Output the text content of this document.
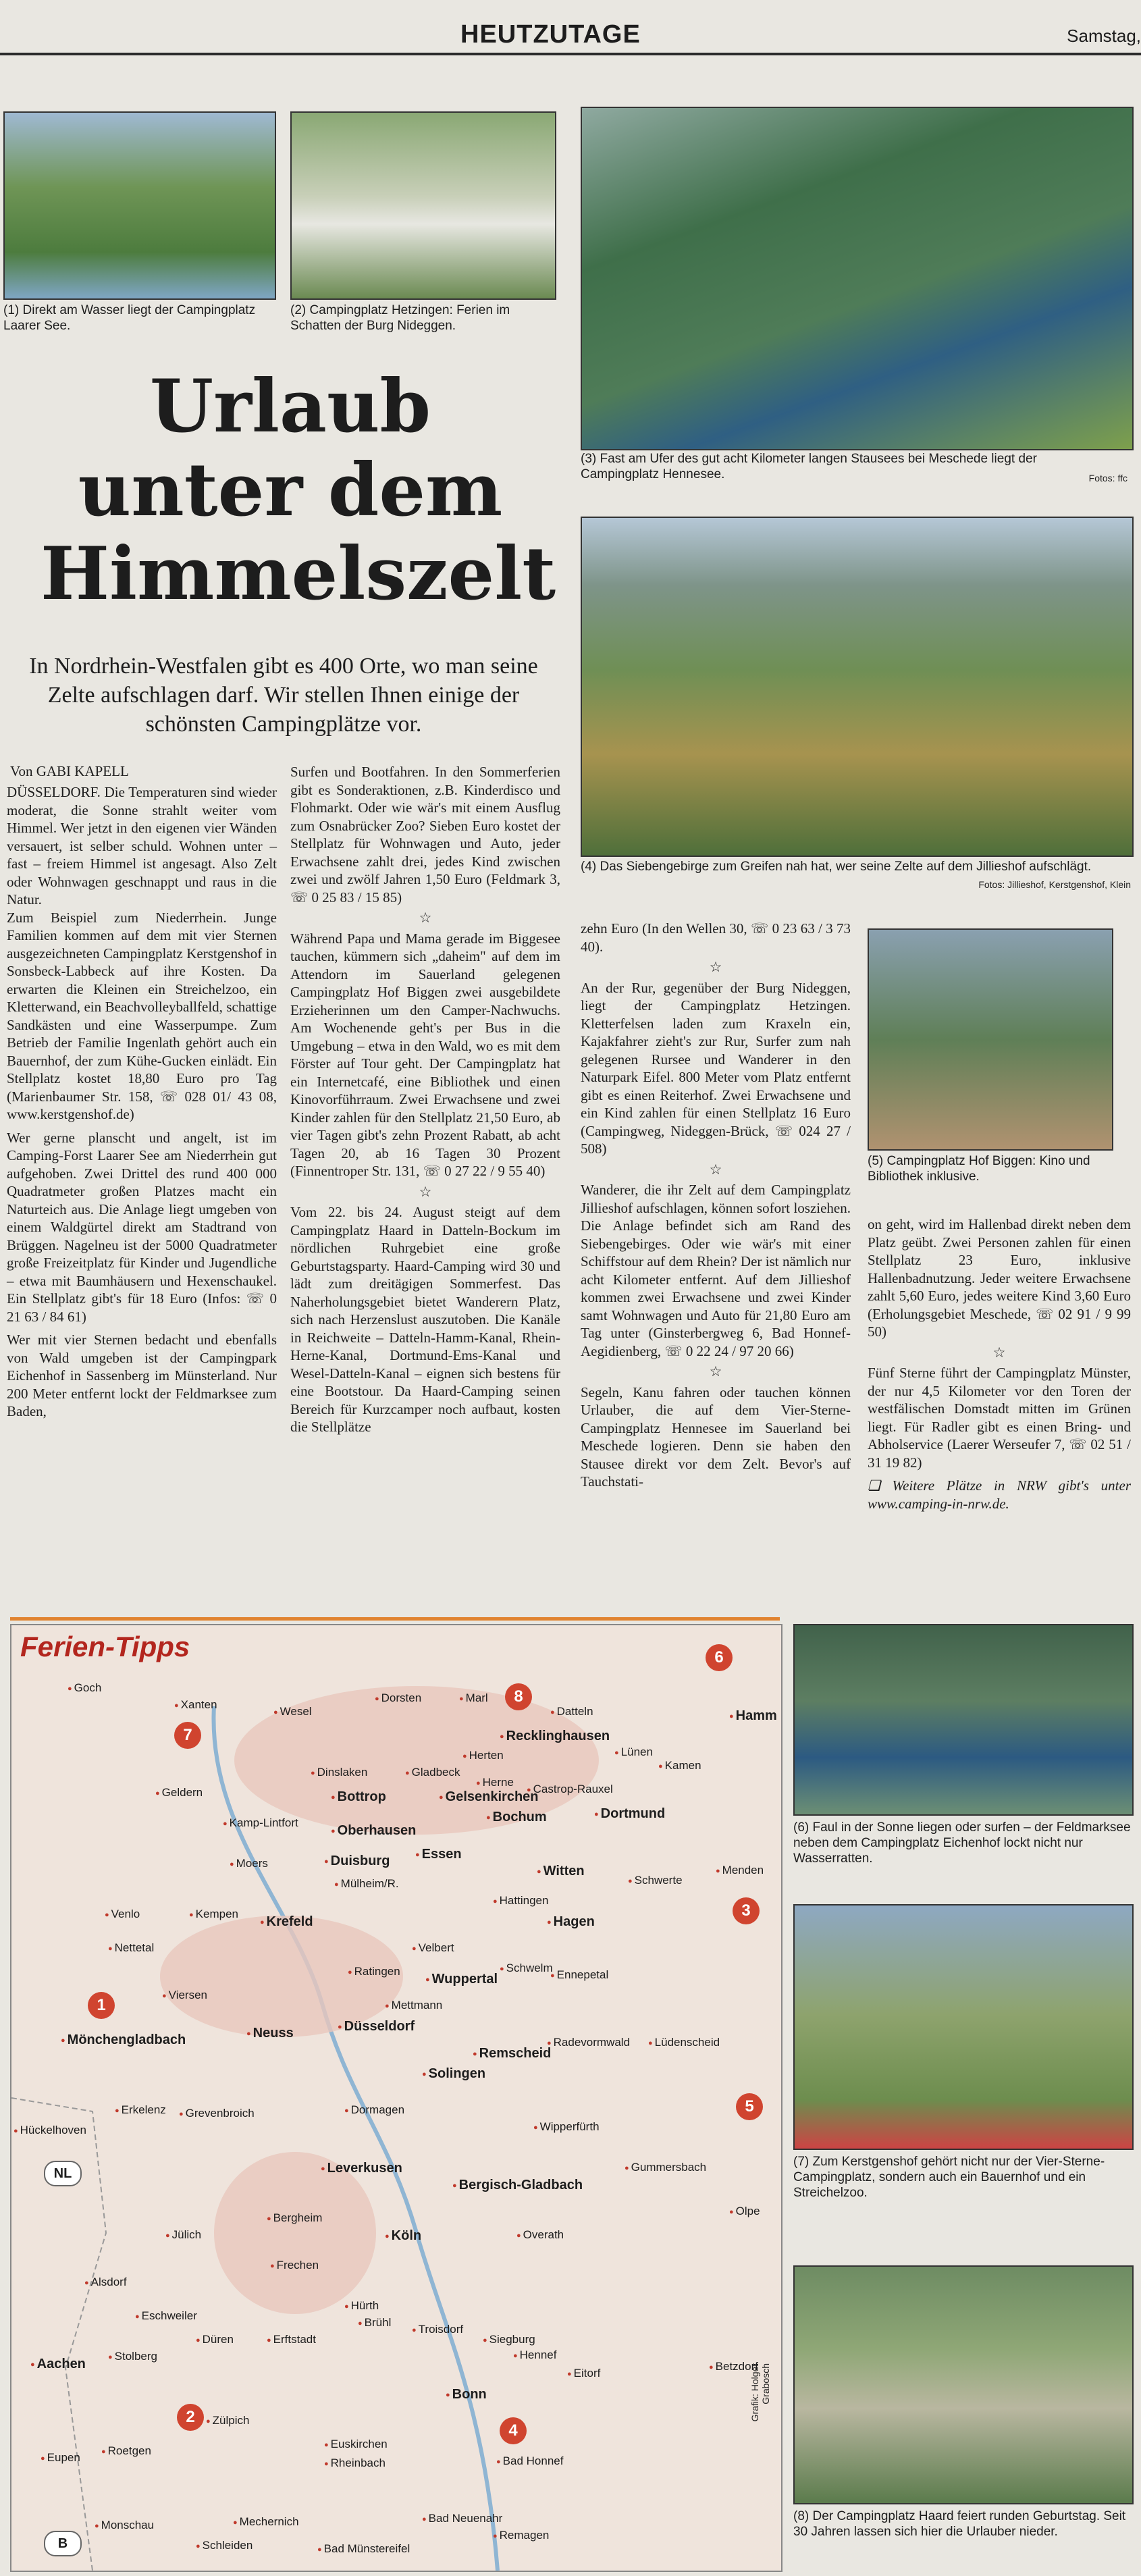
HEUTZUTAGE	Samstag,
(1) Direkt am Wasser liegt der Campingplatz Laarer See.
(2) Campingplatz Hetzingen: Ferien im Schatten der Burg Nideggen.
(3) Fast am Ufer des gut acht Kilometer langen Stausees bei Meschede liegt der Campingplatz Hennesee.	Fotos: ffc
Urlaub unter dem Himmelszelt
In Nordrhein-Westfalen gibt es 400 Orte, wo man seine Zelte aufschlagen darf. Wir stellen Ihnen einige der schönsten Campingplätze vor.
(4) Das Siebengebirge zum Greifen nah hat, wer seine Zelte auf dem Jillieshof aufschlägt.
Fotos: Jillieshof, Kerstgenshof, Klein
(5) Campingplatz Hof Biggen: Kino und Bibliothek inklusive.
Von GABI KAPELL

DÜSSELDORF. Die Temperaturen sind wieder moderat, die Sonne strahlt weiter vom Himmel. Wer jetzt in den eigenen vier Wänden versauert, ist selber schuld. Wohnen unter – fast – freiem Himmel ist angesagt. Also Zelt oder Wohnwagen geschnappt und raus in die Natur.

Zum Beispiel zum Niederrhein. Junge Familien kommen auf dem mit vier Sternen ausgezeichneten Campingplatz Kerstgenshof in Sonsbeck-Labbeck auf ihre Kosten. Da erwarten die Kleinen ein Streichelzoo, ein Kletterwand, ein Beachvolleyballfeld, schattige Sandkästen und eine Wasserpumpe. Zum Betrieb der Familie Ingenlath gehört auch ein Bauernhof, der zum Kühe-Gucken einlädt. Ein Stellplatz kostet 18,80 Euro pro Tag (Marienbaumer Str. 158, ☏ 028 01/ 43 08, www.kerstgenshof.de)

Wer gerne planscht und angelt, ist im Camping-Forst Laarer See am Niederrhein gut aufgehoben. Zwei Drittel des rund 400 000 Quadratmeter großen Platzes macht ein Naturteich aus. Die Anlage liegt umgeben von einem Waldgürtel direkt am Stadtrand von Brüggen. Nagelneu ist der 5000 Quadratmeter große Freizeitplatz für Kinder und Jugendliche – etwa mit Baumhäusern und Hexenschaukel. Ein Stellplatz gibt's für 18 Euro (Infos: ☏ 0 21 63 / 84 61)

Wer mit vier Sternen bedacht und ebenfalls von Wald umgeben ist der Campingpark Eichenhof in Sassenberg im Münsterland. Nur 200 Meter entfernt lockt der Feldmarksee zum Baden,

Surfen und Bootfahren. In den Sommerferien gibt es Sonderaktionen, z.B. Kinderdisco und Flohmarkt. Oder wie wär's mit einem Ausflug zum Osnabrücker Zoo? Sieben Euro kostet der Stellplatz für Wohnwagen und Auto, jeder Erwachsene zahlt drei, jedes Kind zwischen zwei und zwölf Jahren 1,50 Euro (Feldmark 3, ☏ 0 25 83 / 15 85)

☆

Während Papa und Mama gerade im Biggesee tauchen, kümmern sich „daheim" auf dem im Attendorn im Sauerland gelegenen Campingplatz Hof Biggen zwei ausgebildete Erzieherinnen um den Camper-Nachwuchs. Am Wochenende geht's per Bus in die Umgebung – etwa in den Wald, wo es mit dem Förster auf Tour geht. Der Campingplatz hat ein Internetcafé, eine Bibliothek und einen Kinovorführraum. Zwei Erwachsene und zwei Kinder zahlen für den Stellplatz 21,50 Euro, ab vier Tagen gibt's zehn Prozent Rabatt, ab acht Tagen 20, ab 16 Tagen 30 Prozent (Finnentroper Str. 131, ☏ 0 27 22 / 9 55 40)

☆

Vom 22. bis 24. August steigt auf dem Campingplatz Haard in Datteln-Bockum im nördlichen Ruhrgebiet eine große Geburtstagsparty. Haard-Camping wird 30 und lädt zum dreitägigen Sommerfest. Das Naherholungsgebiet bietet Wanderern Platz, sich nach Herzenslust auszutoben. Die Kanäle in Reichweite – Datteln-Hamm-Kanal, Rhein-Herne-Kanal, Dortmund-Ems-Kanal und Wesel-Datteln-Kanal – eignen sich bestens für eine Bootstour. Da Haard-Camping seinen Bereich für Kurzcamper noch aufbaut, kosten die Stellplätze

zehn Euro (In den Wellen 30, ☏ 0 23 63 / 3 73 40).

☆

An der Rur, gegenüber der Burg Nideggen, liegt der Campingplatz Hetzingen. Kletterfelsen laden zum Kraxeln ein, Kajakfahrer zieht's zur Rur, Surfer zum nah gelegenen Rursee und Wanderer in den Naturpark Eifel. 800 Meter vom Platz entfernt gibt es einen Reiterhof. Zwei Erwachsene und ein Kind zahlen für einen Stellplatz 16 Euro (Campingweg, Nideggen-Brück, ☏ 024 27 / 508)

☆

Wanderer, die ihr Zelt auf dem Campingplatz Jillieshof aufschlagen, können sofort losziehen. Die Anlage befindet sich am Rand des Siebengebirges. Oder wie wär's mit einer Schiffstour auf dem Rhein? Der ist nämlich nur acht Kilometer entfernt. Auf dem Jillieshof kommen zwei Erwachsene und zwei Kinder samt Wohnwagen und Auto für 21,80 Euro am Tag unter (Ginsterbergweg 6, Bad Honnef-Aegidienberg, ☏ 0 22 24 / 97 20 66)

☆

Segeln, Kanu fahren oder tauchen können Urlauber, die auf dem Vier-Sterne-Campingplatz Hennesee im Sauerland bei Meschede logieren. Denn sie haben den Stausee direkt vor dem Zelt. Bevor's auf Tauchstati-

on geht, wird im Hallenbad direkt neben dem Platz geübt. Zwei Personen zahlen für einen Stellplatz 23 Euro, inklusive Hallenbadnutzung. Jeder weitere Erwachsene zahlt 5,60 Euro, jedes weitere Kind 3,60 Euro (Erholungsgebiet Meschede, ☏ 02 91 / 9 99 50)

☆

Fünf Sterne führt der Campingplatz Münster, der nur 4,5 Kilometer vor den Toren der westfälischen Domstadt mitten im Grünen liegt. Für Radler gibt es einen Bring- und Abholservice (Laerer Werseufer 7, ☏ 02 51 / 31 19 82)

❏ Weitere Plätze in NRW gibt's unter www.camping-in-nrw.de.

Ferien-Tipps
Grafik: Holger Grabosch
NL
B
● Goch
● Xanten
● Wesel
● Dorsten	● Marl
● Datteln	● Hamm
● Recklinghausen
● Lünen
● Kamen
● Herten
● Geldern
● Kamp-Lintfort
● Dinslaken	● Gladbeck
● Bottrop	● Gelsenkirchen
● Herne
● Castrop-Rauxel
● Oberhausen
● Bochum	● Dortmund
● Moers	● Duisburg	● Essen
● Mülheim/R.
● Witten
● Schwerte
● Menden
● Venlo	● Kempen
● Krefeld
● Hattingen
● Hagen
● Nettetal	● Velbert
● Schwelm
● Ennepetal
● Ratingen
● Wuppertal
● Viersen
● Mettmann
● Mönchengladbach	● Neuss	● Düsseldorf
● Remscheid
● Radevormwald	● Lüdenscheid
● Solingen
● Erkelenz	● Grevenbroich	● Dormagen
● Wipperfürth
● Hückelhoven
● Gummersbach
● Leverkusen
● Bergisch-Gladbach
● Olpe
● Bergheim
● Jülich	● Köln	● Overath
● Frechen
● Alsdorf
● Eschweiler
● Hürth
● Brühl
● Düren	● Erftstadt
● Troisdorf
● Siegburg
● Hennef
● Aachen
● Stolberg
● Eitorf
● Betzdorf
● Bonn
● Zülpich
● Eupen
● Roetgen
● Euskirchen
● Rheinbach	● Bad Honnef
● Monschau	● Mechernich
● Schleiden
● Bad Neuenahr
● Bad Münstereifel
● Remagen
1
2
3
4
5
6
7
8
(6) Faul in der Sonne liegen oder surfen – der Feldmarksee neben dem Campingplatz Eichenhof lockt nicht nur Wasserratten.
(7) Zum Kerstgenshof gehört nicht nur der Vier-Sterne-Campingplatz, sondern auch ein Bauernhof und ein Streichelzoo.
(8) Der Campingplatz Haard feiert runden Geburtstag. Seit 30 Jahren lassen sich hier die Urlauber nieder.
